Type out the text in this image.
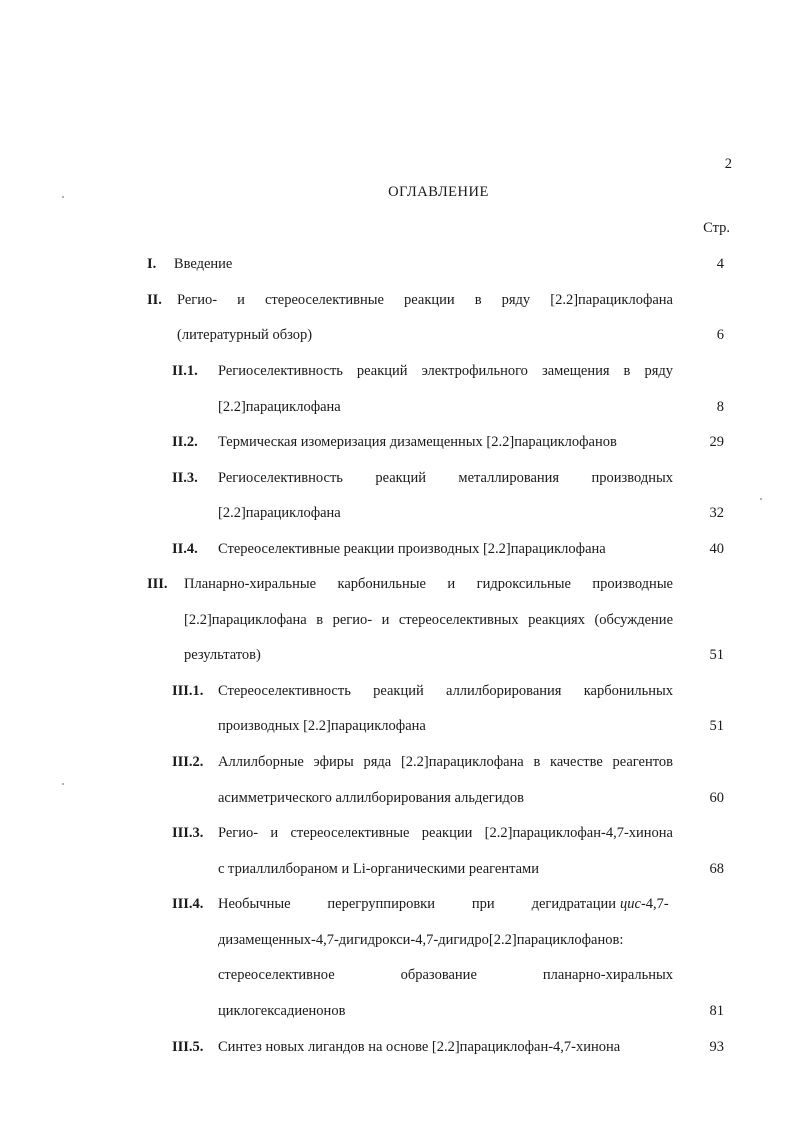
2
ОГЛАВЛЕНИЕ
Стр.
I. Введение	4
II. Регио- и стереоселективные реакции в ряду [2.2]парациклофана
(литературный обзор)	6
II.1. Региоселективность реакций электрофильного замещения в ряду
[2.2]парациклофана	8
II.2. Термическая изомеризация дизамещенных [2.2]парациклофанов	29
II.3. Региоселективность реакций металлирования производных
[2.2]парациклофана	32
II.4. Стереоселективные реакции производных [2.2]парациклофана	40
III. Планарно-хиральные карбонильные и гидроксильные производные
[2.2]парациклофана в регио- и стереоселективных реакциях (обсуждение
результатов)	51
III.1. Стереоселективность реакций аллилборирования карбонильных
производных [2.2]парациклофана	51
III.2. Аллилборные эфиры ряда [2.2]парациклофана в качестве реагентов
асимметрического аллилборирования альдегидов	60
III.3. Регио- и стереоселективные реакции [2.2]парациклофан-4,7-хинона
с триаллилбораном и Li-органическими реагентами	68
III.4. Необычные перегруппировки при дегидратации цис-4,7-
дизамещенных-4,7-дигидрокси-4,7-дигидро[2.2]парациклофанов:
стереоселективное образование планарно-хиральных
циклогексадиенонов	81
III.5. Синтез новых лигандов на основе [2.2]парациклофан-4,7-хинона	93
